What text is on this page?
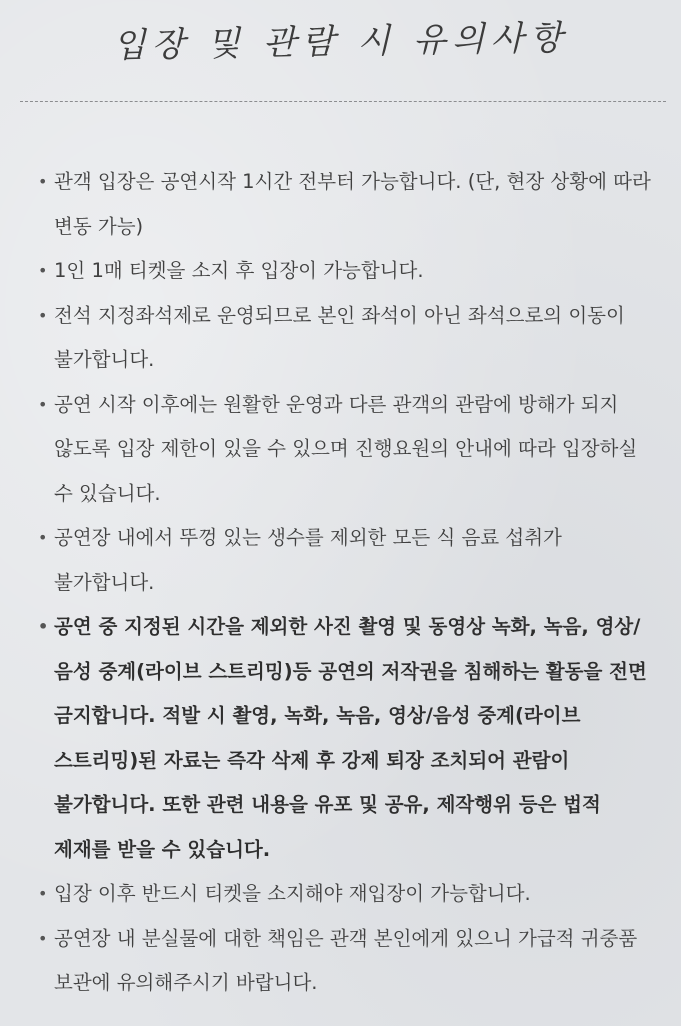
입장 및 관람 시 유의사항
• 관객 입장은 공연시작 1시간 전부터 가능합니다. (단, 현장 상황에 따라 변동 가능)
• 1인 1매 티켓을 소지 후 입장이 가능합니다.
• 전석 지정좌석제로 운영되므로 본인 좌석이 아닌 좌석으로의 이동이 불가합니다.
• 공연 시작 이후에는 원활한 운영과 다른 관객의 관람에 방해가 되지 않도록 입장 제한이 있을 수 있으며 진행요원의 안내에 따라 입장하실 수 있습니다.
• 공연장 내에서 뚜껑 있는 생수를 제외한 모든 식 음료 섭취가 불가합니다.
• 공연 중 지정된 시간을 제외한 사진 촬영 및 동영상 녹화, 녹음, 영상/음성 중계(라이브 스트리밍)등 공연의 저작권을 침해하는 활동을 전면 금지합니다. 적발 시 촬영, 녹화, 녹음, 영상/음성 중계(라이브 스트리밍)된 자료는 즉각 삭제 후 강제 퇴장 조치되어 관람이 불가합니다. 또한 관련 내용을 유포 및 공유, 제작행위 등은 법적 제재를 받을 수 있습니다.
• 입장 이후 반드시 티켓을 소지해야 재입장이 가능합니다.
• 공연장 내 분실물에 대한 책임은 관객 본인에게 있으니 가급적 귀중품 보관에 유의해주시기 바랍니다.
